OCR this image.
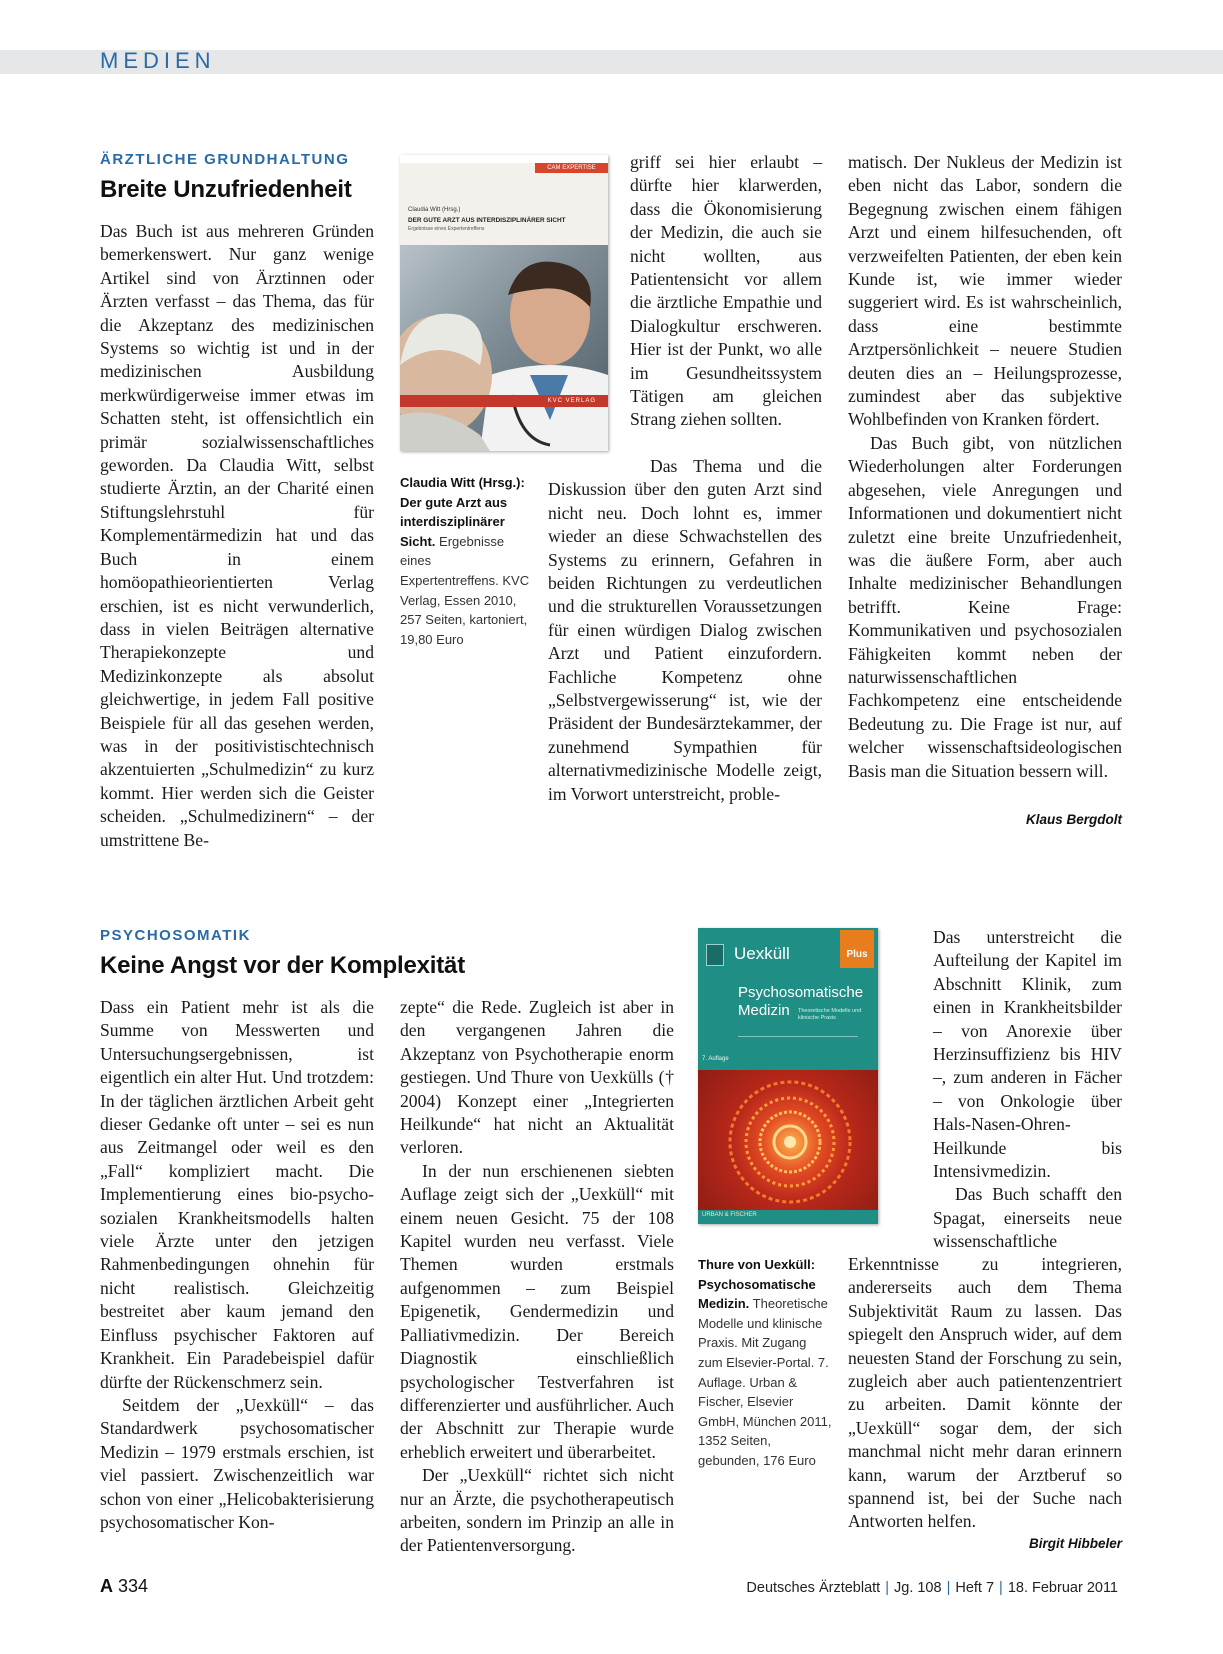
MEDIEN
ÄRZTLICHE GRUNDHALTUNG
Breite Unzufriedenheit

Das Buch ist aus mehreren Gründen bemerkenswert. Nur ganz wenige Artikel sind von Ärztinnen oder Ärzten verfasst – das Thema, das für die Akzeptanz des medizinischen Systems so wichtig ist und in der medizinischen Ausbildung merkwürdigerweise immer etwas im Schatten steht, ist offensichtlich ein primär sozialwissenschaftliches geworden. Da Claudia Witt, selbst studierte Ärztin, an der Charité einen Stiftungslehrstuhl für Komplementärmedizin hat und das Buch in einem homöopathieorientierten Verlag erschien, ist es nicht verwunderlich, dass in vielen Beiträgen alternative Therapiekonzepte und Medizinkonzepte als absolut gleichwertige, in jedem Fall positive Beispiele für all das gesehen werden, was in der positivistischtechnisch akzentuierten „Schulmedizin“ zu kurz kommt. Hier werden sich die Geister scheiden. „Schulmedizinern“ – der umstrittene Be-

CAM EXPERTISE
Claudia Witt (Hrsg.)
DER GUTE ARZT AUS INTERDISZIPLINÄRER SICHT
Ergebnisse eines Expertentreffens
KVC VERLAG
Claudia Witt (Hrsg.): Der gute Arzt aus interdisziplinärer Sicht. Ergebnisse eines Expertentreffens. KVC Verlag, Essen 2010, 257 Seiten, kartoniert, 19,80 Euro

griff sei hier erlaubt – dürfte hier klarwerden, dass die Ökonomisierung der Medizin, die auch sie nicht wollten, aus Patientensicht vor allem die ärztliche Empathie und Dialogkultur erschweren. Hier ist der Punkt, wo alle im Gesundheitssystem Tätigen am gleichen Strang ziehen sollten.

Das Thema und die Diskussion über den guten Arzt sind nicht neu. Doch lohnt es, immer wieder an diese Schwachstellen des Systems zu erinnern, Gefahren in beiden Richtungen zu verdeutlichen und die strukturellen Voraussetzungen für einen würdigen Dialog zwischen Arzt und Patient einzufordern. Fachliche Kompetenz ohne „Selbstvergewisserung“ ist, wie der Präsident der Bundesärztekammer, der zunehmend Sympathien für alternativmedizinische Modelle zeigt, im Vorwort unterstreicht, proble-

matisch. Der Nukleus der Medizin ist eben nicht das Labor, sondern die Begegnung zwischen einem fähigen Arzt und einem hilfesuchenden, oft verzweifelten Patienten, der eben kein Kunde ist, wie immer wieder suggeriert wird. Es ist wahrscheinlich, dass eine bestimmte Arztpersönlichkeit – neuere Studien deuten dies an – Heilungsprozesse, zumindest aber das subjektive Wohlbefinden von Kranken fördert.

Das Buch gibt, von nützlichen Wiederholungen alter Forderungen abgesehen, viele Anregungen und Informationen und dokumentiert nicht zuletzt eine breite Unzufriedenheit, was die äußere Form, aber auch Inhalte medizinischer Behandlungen betrifft. Keine Frage: Kommunikativen und psychosozialen Fähigkeiten kommt neben der naturwissenschaftlichen Fachkompetenz eine entscheidende Bedeutung zu. Die Frage ist nur, auf welcher wissenschaftsideologischen Basis man die Situation bessern will.

Klaus Bergdolt
PSYCHOSOMATIK
Keine Angst vor der Komplexität

Dass ein Patient mehr ist als die Summe von Messwerten und Untersuchungsergebnissen, ist eigentlich ein alter Hut. Und trotzdem: In der täglichen ärztlichen Arbeit geht dieser Gedanke oft unter – sei es nun aus Zeitmangel oder weil es den „Fall“ kompliziert macht. Die Implementierung eines bio-psycho-sozialen Krankheitsmodells halten viele Ärzte unter den jetzigen Rahmenbedingungen ohnehin für nicht realistisch. Gleichzeitig bestreitet aber kaum jemand den Einfluss psychischer Faktoren auf Krankheit. Ein Paradebeispiel dafür dürfte der Rückenschmerz sein.

Seitdem der „Uexküll“ – das Standardwerk psychosomatischer Medizin – 1979 erstmals erschien, ist viel passiert. Zwischenzeitlich war schon von einer „Helicobakterisierung psychosomatischer Kon-

zepte“ die Rede. Zugleich ist aber in den vergangenen Jahren die Akzeptanz von Psychotherapie enorm gestiegen. Und Thure von Uexkülls († 2004) Konzept einer „Integrierten Heilkunde“ hat nicht an Aktualität verloren.

In der nun erschienenen siebten Auflage zeigt sich der „Uexküll“ mit einem neuen Gesicht. 75 der 108 Kapitel wurden neu verfasst. Viele Themen wurden erstmals aufgenommen – zum Beispiel Epigenetik, Gendermedizin und Palliativmedizin. Der Bereich Diagnostik einschließlich psychologischer Testverfahren ist differenzierter und ausführlicher. Auch der Abschnitt zur Therapie wurde erheblich erweitert und überarbeitet.

Der „Uexküll“ richtet sich nicht nur an Ärzte, die psychotherapeutisch arbeiten, sondern im Prinzip an alle in der Patientenversorgung.

Uexküll	Plus
Psychosomatische Medizin	Theoretische Modelle und klinische Praxis
7. Auflage
URBAN & FISCHER
Thure von Uexküll: Psychosomatische Medizin. Theoretische Modelle und klinische Praxis. Mit Zugang zum Elsevier-Portal. 7. Auflage. Urban & Fischer, Elsevier GmbH, München 2011, 1352 Seiten, gebunden, 176 Euro

Das unterstreicht die Aufteilung der Kapitel im Abschnitt Klinik, zum einen in Krankheitsbilder – von Anorexie über Herzinsuffizienz bis HIV –, zum anderen in Fächer – von Onkologie über Hals-Nasen-Ohren-Heilkunde bis Intensivmedizin.

Das Buch schafft den Spagat, einerseits neue wissenschaftliche

Erkenntnisse zu integrieren, andererseits auch dem Thema Subjektivität Raum zu lassen. Das spiegelt den Anspruch wider, auf dem neuesten Stand der Forschung zu sein, zugleich aber auch patientenzentriert zu arbeiten. Damit könnte der „Uexküll“ sogar dem, der sich manchmal nicht mehr daran erinnern kann, warum der Arztberuf so spannend ist, bei der Suche nach Antworten helfen.

Birgit Hibbeler
A 334	Deutsches Ärzteblatt | Jg. 108 | Heft 7 | 18. Februar 2011
